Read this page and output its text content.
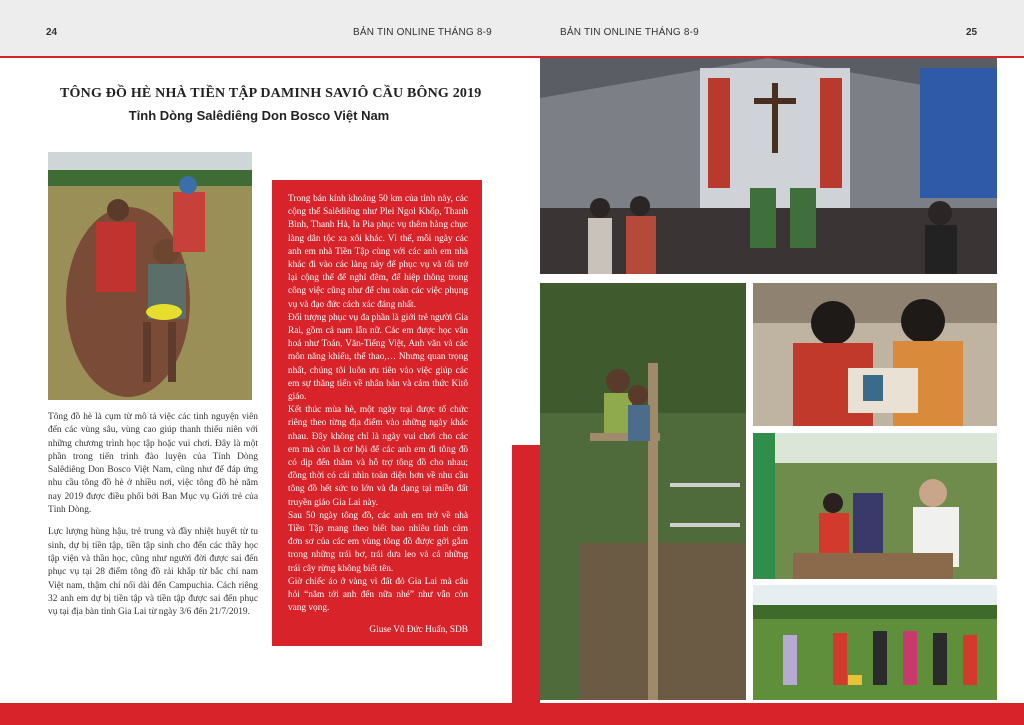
24	BẢN TIN ONLINE THÁNG 8-9	BẢN TIN ONLINE THÁNG 8-9	25
TÔNG ĐỒ HÈ NHÀ TIỀN TẬP DAMINH SAVIÔ CẦU BÔNG 2019
Tỉnh Dòng Salêdiêng Don Bosco Việt Nam

Tông đồ hè là cụm từ mô tả việc các tình nguyện viên đến các vùng sâu, vùng cao giúp thanh thiếu niên với những chương trình học tập hoặc vui chơi. Đây là một phần trong tiến trình đào luyện của Tỉnh Dòng Salêdiêng Don Bosco Việt Nam, cũng như để đáp ứng nhu cầu tông đồ hè ở nhiều nơi, việc tông đồ hè năm nay 2019 được điều phối bởi Ban Mục vụ Giới trẻ của Tỉnh Dòng.

Lực lượng hùng hậu, trẻ trung và đầy nhiệt huyết từ tu sinh, dự bị tiền tập, tiền tập sinh cho đến các thầy học tập viện và thần học, cũng như người đời được sai đến phục vụ tại 28 điểm tông đồ rải khắp từ bắc chí nam Việt nam, thậm chí nối dài đến Campuchia. Cách riêng 32 anh em dự bị tiền tập và tiền tập được sai đến phục vụ tại địa bàn tỉnh Gia Lai từ ngày 3/6 đến 21/7/2019.

Trong bán kính khoảng 50 km của tỉnh này, các cộng thể Salêdiêng như Plei Ngol Khốp, Thanh Bình, Thanh Hà, Ia Pia phục vụ thêm hàng chục làng dân tộc xa xôi khác. Vì thế, mỗi ngày các anh em nhà Tiền Tập cùng với các anh em nhà khác đi vào các làng này để phục vụ và tối trở lại cộng thể để nghỉ đêm, để hiệp thông trong công việc cũng như để chu toàn các việc phụng vụ và đạo đức cách xác đáng nhất.

Đối tượng phục vụ đa phần là giới trẻ người Gia Rai, gồm cả nam lẫn nữ. Các em được học văn hoá như Toán, Văn-Tiếng Việt, Anh văn và các môn năng khiếu, thể thao,… Nhưng quan trọng nhất, chúng tôi luôn ưu tiên vào việc giúp các em sự thăng tiến về nhân bản và cảm thức Kitô giáo.

Kết thúc mùa hè, một ngày trại được tổ chức riêng theo từng địa điểm vào những ngày khác nhau. Đây không chỉ là ngày vui chơi cho các em mà còn là cơ hội để các anh em đi tông đồ có dịp đến thăm và hỗ trợ tông đồ cho nhau; đồng thời có cái nhìn toàn diện hơn về nhu cầu tông đồ hết sức to lớn và đa dạng tại miền đất truyền giáo Gia Lai này.

Sau 50 ngày tông đồ, các anh em trở về nhà Tiền Tập mang theo biết bao nhiêu tình cảm đơn sơ của các em vùng tông đồ được gởi gắm trong những trái bơ, trái dưa leo và cả những trái cây rừng không biết tên.

Giờ chiếc áo ở vàng vì đất đỏ Gia Lai mà câu hỏi “năm tới anh đến nữa nhé” như vẫn còn vang vọng.

Giuse Vũ Đức Huấn, SDB
